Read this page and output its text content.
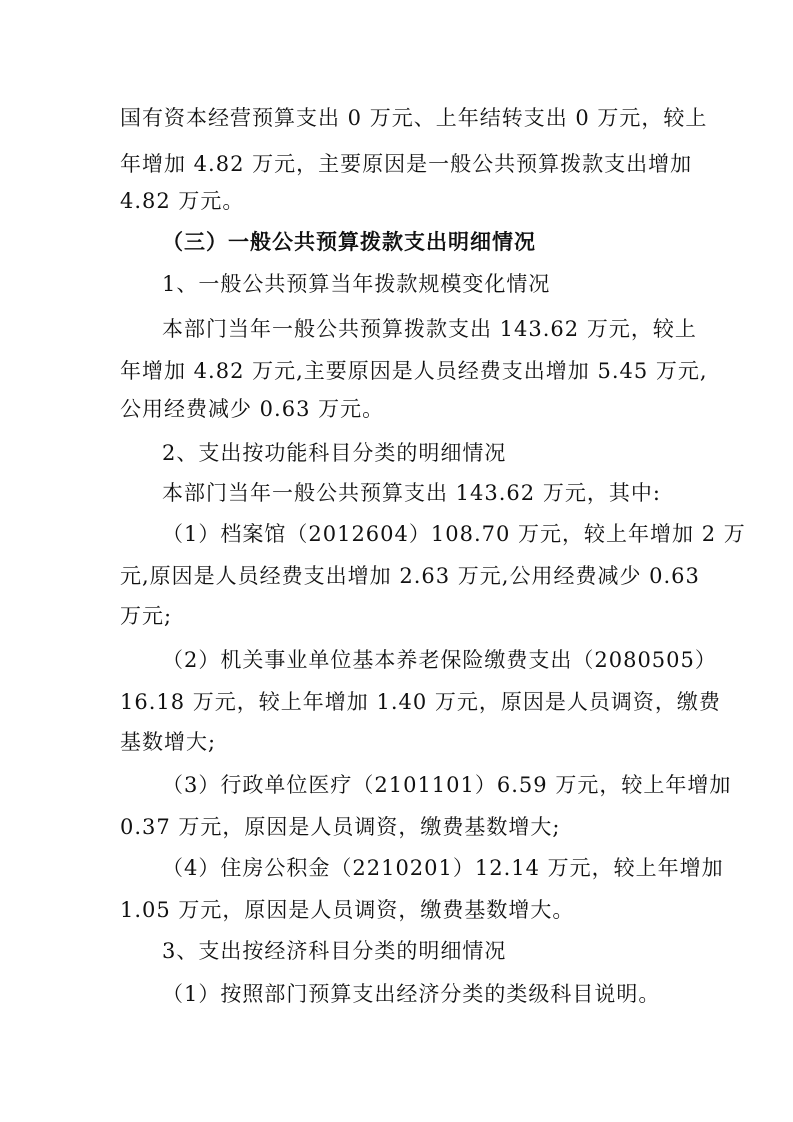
国有资本经营预算支出 0 万元、上年结转支出 0 万元，较上
年增加 4.82 万元，主要原因是一般公共预算拨款支出增加
4.82 万元。
（三）一般公共预算拨款支出明细情况
1、一般公共预算当年拨款规模变化情况
本部门当年一般公共预算拨款支出 143.62 万元，较上
年增加 4.82 万元,主要原因是人员经费支出增加 5.45 万元,
公用经费减少 0.63 万元。
2、支出按功能科目分类的明细情况
本部门当年一般公共预算支出 143.62 万元，其中:
（1）档案馆（2012604）108.70 万元，较上年增加 2 万
元,原因是人员经费支出增加 2.63 万元,公用经费减少 0.63
万元;
（2）机关事业单位基本养老保险缴费支出（2080505）
16.18 万元，较上年增加 1.40 万元，原因是人员调资，缴费
基数增大;
（3）行政单位医疗（2101101）6.59 万元，较上年增加
0.37 万元，原因是人员调资，缴费基数增大;
（4）住房公积金（2210201）12.14 万元，较上年增加
1.05 万元，原因是人员调资，缴费基数增大。
3、支出按经济科目分类的明细情况
（1）按照部门预算支出经济分类的类级科目说明。
